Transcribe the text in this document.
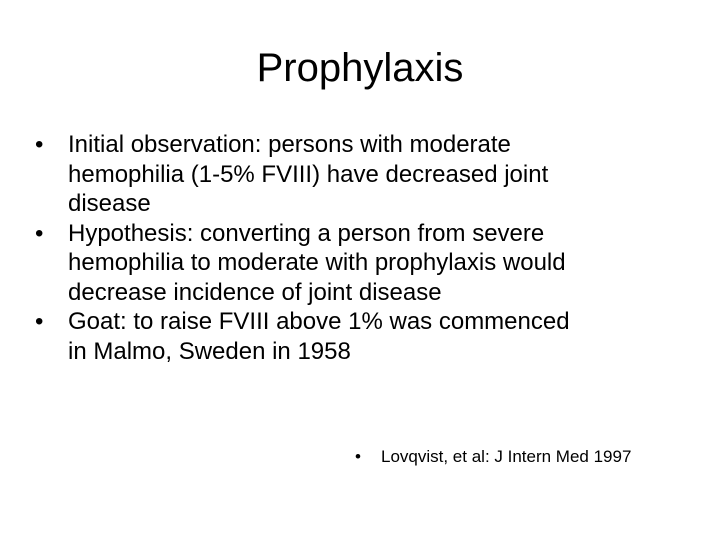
Prophylaxis
• Initial observation: persons with moderate
hemophilia (1-5% FVIII) have decreased joint
disease
• Hypothesis: converting a person from severe
hemophilia to moderate with prophylaxis would
decrease incidence of joint disease
• Goat: to raise FVIII above 1% was commenced
in Malmo, Sweden in 1958
• Lovqvist, et al: J Intern Med 1997
